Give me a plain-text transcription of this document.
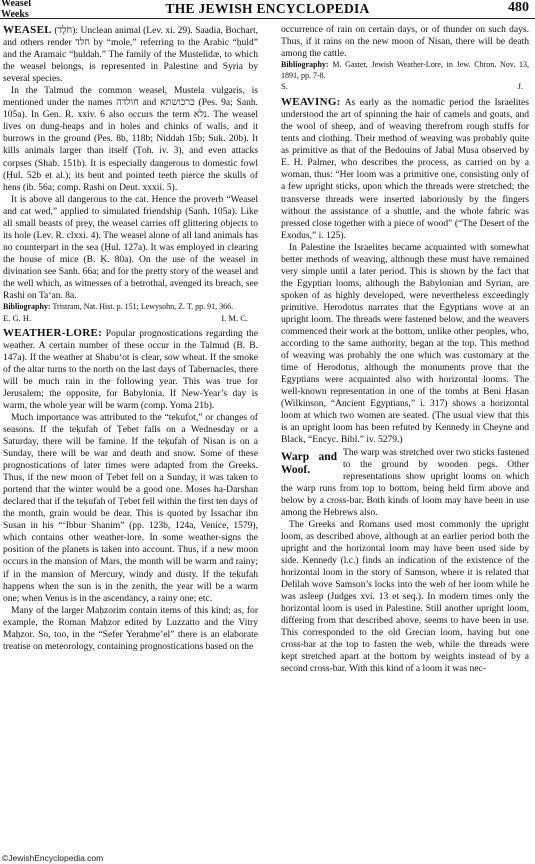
Weasel
Weeks	THE JEWISH ENCYCLOPEDIA	480

WEASEL (חֹלֶד): Unclean animal (Lev. xi. 29). Saadia, Bochart, and others render חלד by “mole,” referring to the Arabic “ḥuld” and the Aramaic “ḥuldah.” The family of the Mustelidæ, to which the weasel belongs, is represented in Palestine and Syria by several species.

In the Talmud the common weasel, Mustela vulgaris, is mentioned under the names חולדה and כרכושתא (Pes. 9a; Sanh. 105a). In Gen. R. xxiv. 6 also occurs the term נלא. The weasel lives on dung-heaps and in holes and chinks of walls, and it burrows in the ground (Pes. 8b, 118b; Niddah 15b; Suk. 20b). It kills animals larger than itself (Ṭoh. iv. 3), and even attacks corpses (Shab. 151b). It is especially dangerous to domestic fowl (Ḥul. 52b et al.); its bent and pointed teeth pierce the skulls of hens (ib. 56a; comp. Rashi on Deut. xxxii. 5).

It is above all dangerous to the cat. Hence the proverb “Weasel and cat wed,” applied to simulated friendship (Sanh. 105a). Like all small beasts of prey, the weasel carries off glittering objects to its hole (Lev. R. clxxi. 4). The weasel alone of all land animals has no counterpart in the sea (Ḥul. 127a). It was employed in clearing the house of mice (B. Ḳ. 80a). On the use of the weasel in divination see Sanh. 66a; and for the pretty story of the weasel and the well which, as witnesses of a betrothal, avenged its breach, see Rashi on Ta‘an. 8a.

Bibliography: Tristram, Nat. Hist. p. 151; Lewysohn, Z. T. pp. 91, 366.

E. G. H.	I. M. C.

WEATHER-LORE: Popular prognostications regarding the weather. A certain number of these occur in the Talmud (B. B. 147a). If the weather at Shabu‘ot is clear, sow wheat. If the smoke of the altar turns to the north on the last days of Tabernacles, there will be much rain in the following year. This was true for Jerusalem; the opposite, for Babylonia. If New-Year’s day is warm, the whole year will be warm (comp. Yoma 21b).

Much importance was attributed to the “teḳufot,” or changes of seasons. If the teḳufah of Ṭebet falls on a Wednesday or a Saturday, there will be famine. If the teḳufah of Nisan is on a Sunday, there will be war and death and snow. Some of these prognostications of later times were adapted from the Greeks. Thus, if the new moon of Ṭebet fell on a Sunday, it was taken to portend that the winter would be a good one. Moses ha-Darshan declared that if the teḳufah of Ṭebet fell within the first ten days of the month, grain would be dear. This is quoted by Issachar ibn Susan in his “‘Ibbur Shanim” (pp. 123b, 124a, Venice, 1579), which contains other weather-lore. In some weather-signs the position of the planets is taken into account. Thus, if a new moon occurs in the mansion of Mars, the month will be warm and rainy; if in the mansion of Mercury, windy and dusty. If the teḳufah happens when the sun is in the zenith, the year will be a warm one; when Venus is in the ascendancy, a rainy one; etc.

Many of the larger Maḥzorim contain items of this kind; as, for example, the Roman Maḥzor edited by Luzzatto and the Vitry Maḥzor. So, too, in the “Sefer Yeraḥme’el” there is an elaborate treatise on meteorology, containing prognostications based on the

occurrence of rain on certain days, or of thunder on such days. Thus, if it rains on the new moon of Nisan, there will be death among the cattle.

Bibliography: M. Gaster, Jewish Weather-Lore, in Jew. Chron. Nov. 13, 1891, pp. 7-8.

S.	J.

WEAVING: As early as the nomadic period the Israelites understood the art of spinning the hair of camels and goats, and the wool of sheep, and of weaving therefrom rough stuffs for tents and clothing. Their method of weaving was probably quite as primitive as that of the Bedouins of Jabal Musa observed by E. H. Palmer, who describes the process, as carried on by a woman, thus: “Her loom was a primitive one, consisting only of a few upright sticks, upon which the threads were stretched; the transverse threads were inserted laboriously by the fingers without the assistance of a shuttle, and the whole fabric was pressed close together with a piece of wood” (“The Desert of the Exodus,” i. 125).

In Palestine the Israelites became acquainted with somewhat better methods of weaving, although these must have remained very simple until a later period. This is shown by the fact that the Egyptian looms, although the Babylonian and Syrian, are spoken of as highly developed, were nevertheless exceedingly primitive. Herodotus narrates that the Egyptians wove at an upright loom. The threads were fastened below, and the weavers commenced their work at the bottom, unlike other peoples, who, according to the same authority, began at the top. This method of weaving was probably the one which was customary at the time of Herodotus, although the monuments prove that the Egyptians were acquainted also with horizontal looms. The well-known representation in one of the tombs at Beni Ḥasan (Wilkinson, “Ancient Egyptians,” i. 317) shows a horizontal loom at which two women are seated. (The usual view that this is an upright loom has been refuted by Kennedy in Cheyne and Black, “Encyc. Bibl.” iv. 5279.)

Warp and Woof.

The warp was stretched over two sticks fastened to the ground by wooden pegs. Other representations show upright looms on which the warp runs from top to bottom, being held firm above and below by a cross-bar. Both kinds of loom may have been in use among the Hebrews also.

The Greeks and Romans used most commonly the upright loom, as described above, although at an earlier period both the upright and the horizontal loom may have been used side by side. Kennedy (l.c.) finds an indication of the existence of the horizontal loom in the story of Samson, where it is related that Delilah wove Samson’s locks into the web of her loom while he was asleep (Judges xvi. 13 et seq.). In modern times only the horizontal loom is used in Palestine. Still another upright loom, differing from that described above, seems to have been in use. This corresponded to the old Grecian loom, having but one cross-bar at the top to fasten the web, while the threads were kept stretched apart at the bottom by weights instead of by a second cross-bar. With this kind of a loom it was nec-

©JewishEncyclopedia.com
